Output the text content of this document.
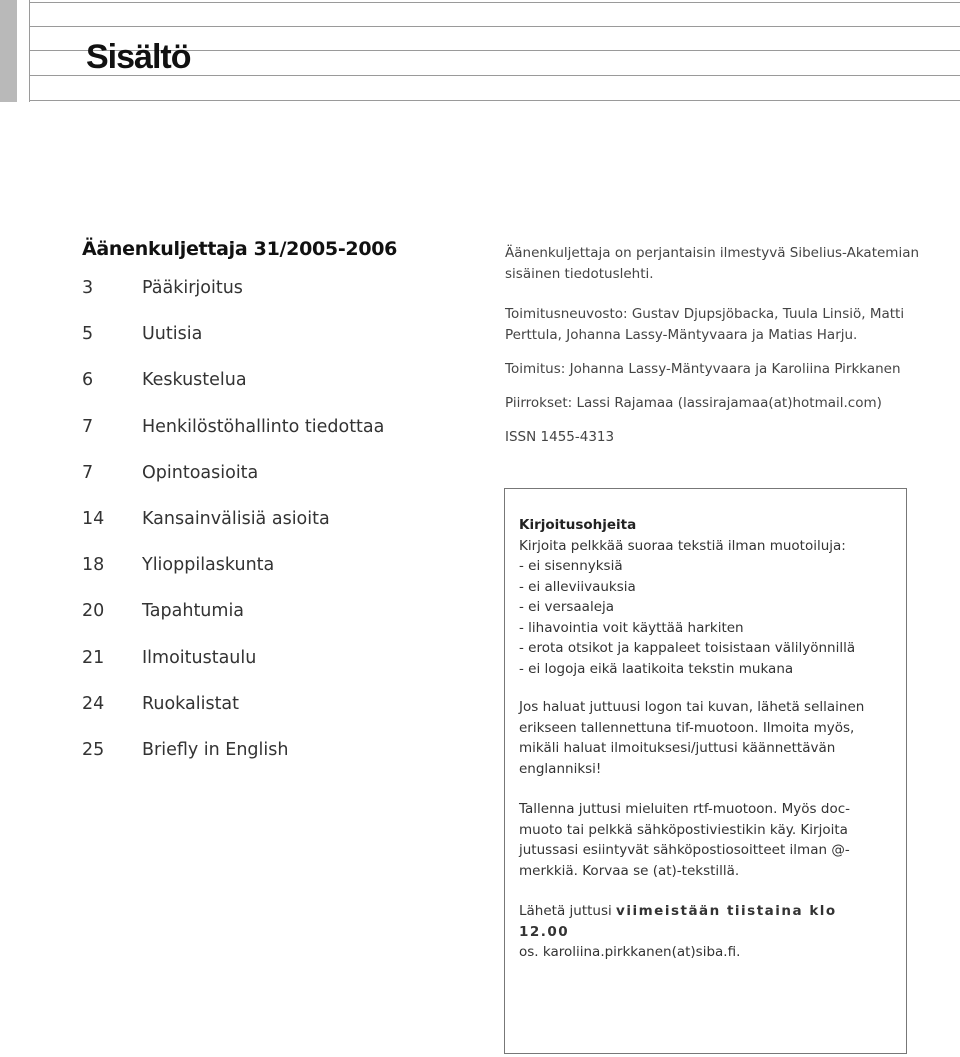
Sisältö
Äänenkuljettaja 31/2005-2006
3	Pääkirjoitus
5	Uutisia
6	Keskustelua
7	Henkilöstöhallinto tiedottaa
7	Opintoasioita
14	Kansainvälisiä asioita
18	Ylioppilaskunta
20	Tapahtumia
21	Ilmoitustaulu
24	Ruokalistat
25	Briefly in English

Äänenkuljettaja on perjantaisin ilmestyvä Sibelius-Akatemian sisäinen tiedotuslehti.

Toimitusneuvosto: Gustav Djupsjöbacka, Tuula Linsiö, Matti Perttula, Johanna Lassy-Mäntyvaara ja Matias Harju.

Toimitus: Johanna Lassy-Mäntyvaara ja Karoliina Pirkkanen

Piirrokset: Lassi Rajamaa (lassirajamaa(at)hotmail.com)

ISSN 1455-4313

Kirjoitusohjeita

Kirjoita pelkkää suoraa tekstiä ilman muotoiluja:

- ei sisennyksiä
- ei alleviivauksia
- ei versaaleja
- lihavointia voit käyttää harkiten
- erota otsikot ja kappaleet toisistaan välilyönnillä
- ei logoja eikä laatikoita tekstin mukana

Jos haluat juttuusi logon tai kuvan, lähetä sellainen erikseen tallennettuna tif-muotoon. Ilmoita myös, mikäli haluat ilmoituksesi/juttusi käännettävän englanniksi!

Tallenna juttusi mieluiten rtf-muotoon. Myös doc-muoto tai pelkkä sähköpostiviestikin käy. Kirjoita jutussasi esiintyvät sähköpostiosoitteet ilman @- merkkiä. Korvaa se (at)-tekstillä.

Lähetä juttusi viimeistään tiistaina klo 12.00

os. karoliina.pirkkanen(at)siba.fi.
